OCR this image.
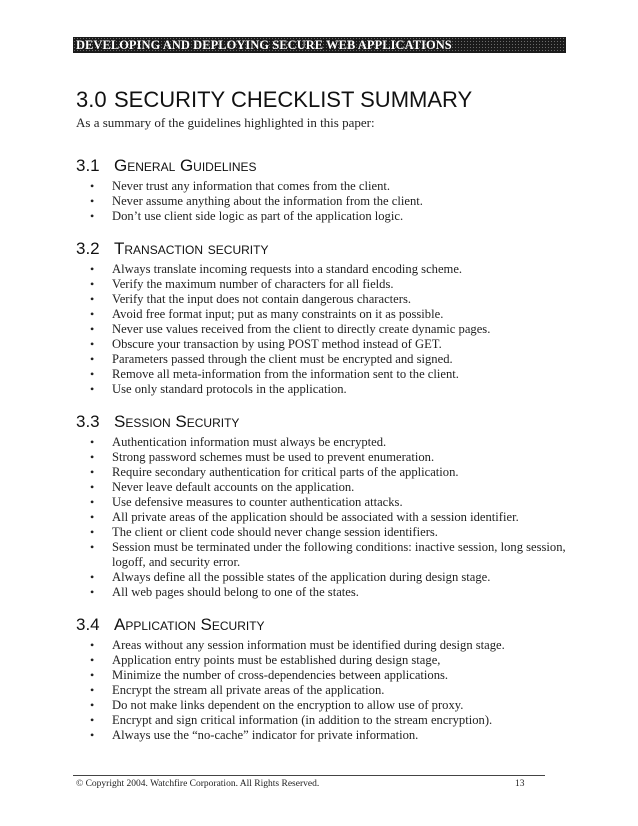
DEVELOPING AND DEPLOYING SECURE WEB APPLICATIONS
3.0 SECURITY CHECKLIST SUMMARY

As a summary of the guidelines highlighted in this paper:

3.1 General Guidelines
• Never trust any information that comes from the client.
• Never assume anything about the information from the client.
• Don’t use client side logic as part of the application logic.
3.2 Transaction security
• Always translate incoming requests into a standard encoding scheme.
• Verify the maximum number of characters for all fields.
• Verify that the input does not contain dangerous characters.
• Avoid free format input; put as many constraints on it as possible.
• Never use values received from the client to directly create dynamic pages.
• Obscure your transaction by using POST method instead of GET.
• Parameters passed through the client must be encrypted and signed.
• Remove all meta-information from the information sent to the client.
• Use only standard protocols in the application.
3.3 Session Security
• Authentication information must always be encrypted.
• Strong password schemes must be used to prevent enumeration.
• Require secondary authentication for critical parts of the application.
• Never leave default accounts on the application.
• Use defensive measures to counter authentication attacks.
• All private areas of the application should be associated with a session identifier.
• The client or client code should never change session identifiers.
• Session must be terminated under the following conditions: inactive session, long session, logoff, and security error.
• Always define all the possible states of the application during design stage.
• All web pages should belong to one of the states.
3.4 Application Security
• Areas without any session information must be identified during design stage.
• Application entry points must be established during design stage,
• Minimize the number of cross-dependencies between applications.
• Encrypt the stream all private areas of the application.
• Do not make links dependent on the encryption to allow use of proxy.
• Encrypt and sign critical information (in addition to the stream encryption).
• Always use the “no-cache” indicator for private information.
© Copyright 2004. Watchfire Corporation. All Rights Reserved.	13
